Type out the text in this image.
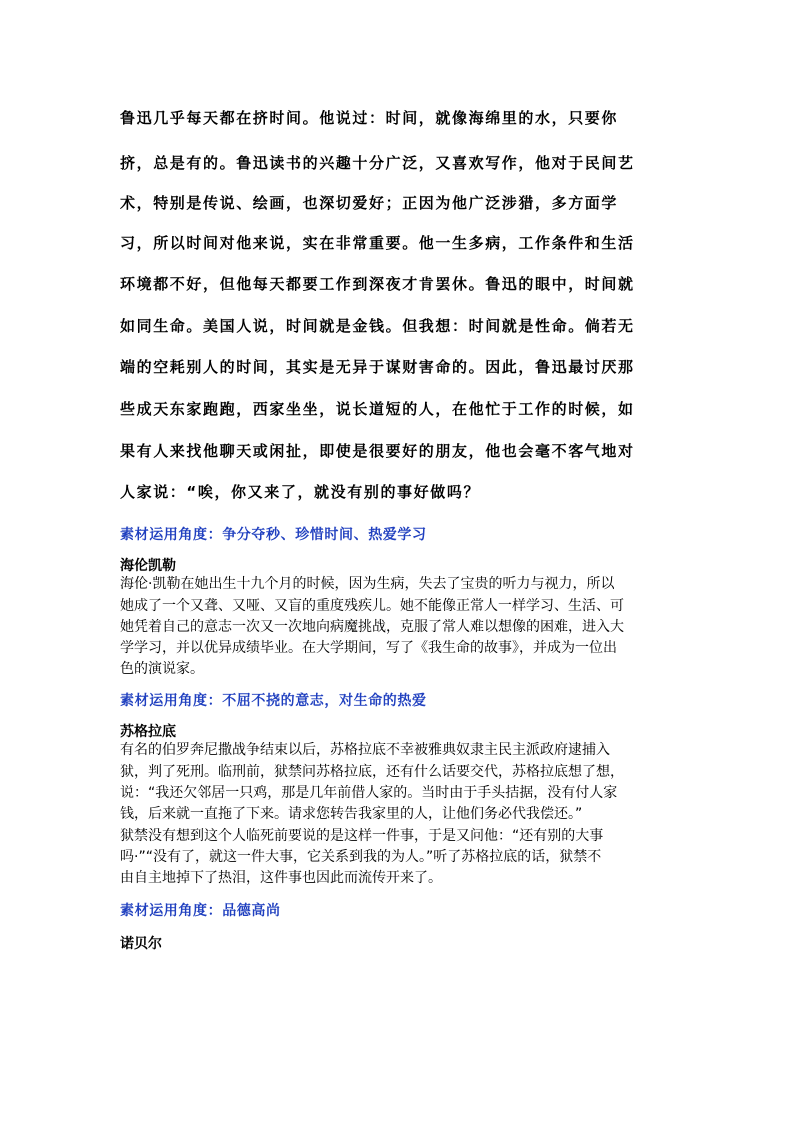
鲁迅几乎每天都在挤时间。他说过：时间，就像海绵里的水，只要你
挤，总是有的。鲁迅读书的兴趣十分广泛，又喜欢写作，他对于民间艺
术，特别是传说、绘画，也深切爱好；正因为他广泛涉猎，多方面学
习，所以时间对他来说，实在非常重要。他一生多病，工作条件和生活
环境都不好，但他每天都要工作到深夜才肯罢休。鲁迅的眼中，时间就
如同生命。美国人说，时间就是金钱。但我想：时间就是性命。倘若无
端的空耗别人的时间，其实是无异于谋财害命的。因此，鲁迅最讨厌那
些成天东家跑跑，西家坐坐，说长道短的人，在他忙于工作的时候，如
果有人来找他聊天或闲扯，即使是很要好的朋友，他也会毫不客气地对
人家说：“唉，你又来了，就没有别的事好做吗？
素材运用角度：争分夺秒、珍惜时间、热爱学习
海伦凯勒
海伦·凯勒在她出生十九个月的时候，因为生病，失去了宝贵的听力与视力，所以
她成了一个又聋、又哑、又盲的重度残疾儿。她不能像正常人一样学习、生活、可
她凭着自己的意志一次又一次地向病魔挑战，克服了常人难以想像的困难，进入大
学学习，并以优异成绩毕业。在大学期间，写了《我生命的故事》，并成为一位出
色的演说家。
素材运用角度：不屈不挠的意志，对生命的热爱
苏格拉底
有名的伯罗奔尼撒战争结束以后，苏格拉底不幸被雅典奴隶主民主派政府逮捕入
狱，判了死刑。临刑前，狱禁问苏格拉底，还有什么话要交代，苏格拉底想了想，
说：“我还欠邻居一只鸡，那是几年前借人家的。当时由于手头拮据，没有付人家
钱，后来就一直拖了下来。请求您转告我家里的人，让他们务必代我偿还。”
狱禁没有想到这个人临死前要说的是这样一件事，于是又问他：“还有别的大事
吗·”“没有了，就这一件大事，它关系到我的为人。”听了苏格拉底的话，狱禁不
由自主地掉下了热泪，这件事也因此而流传开来了。
素材运用角度：品德高尚
诺贝尔
